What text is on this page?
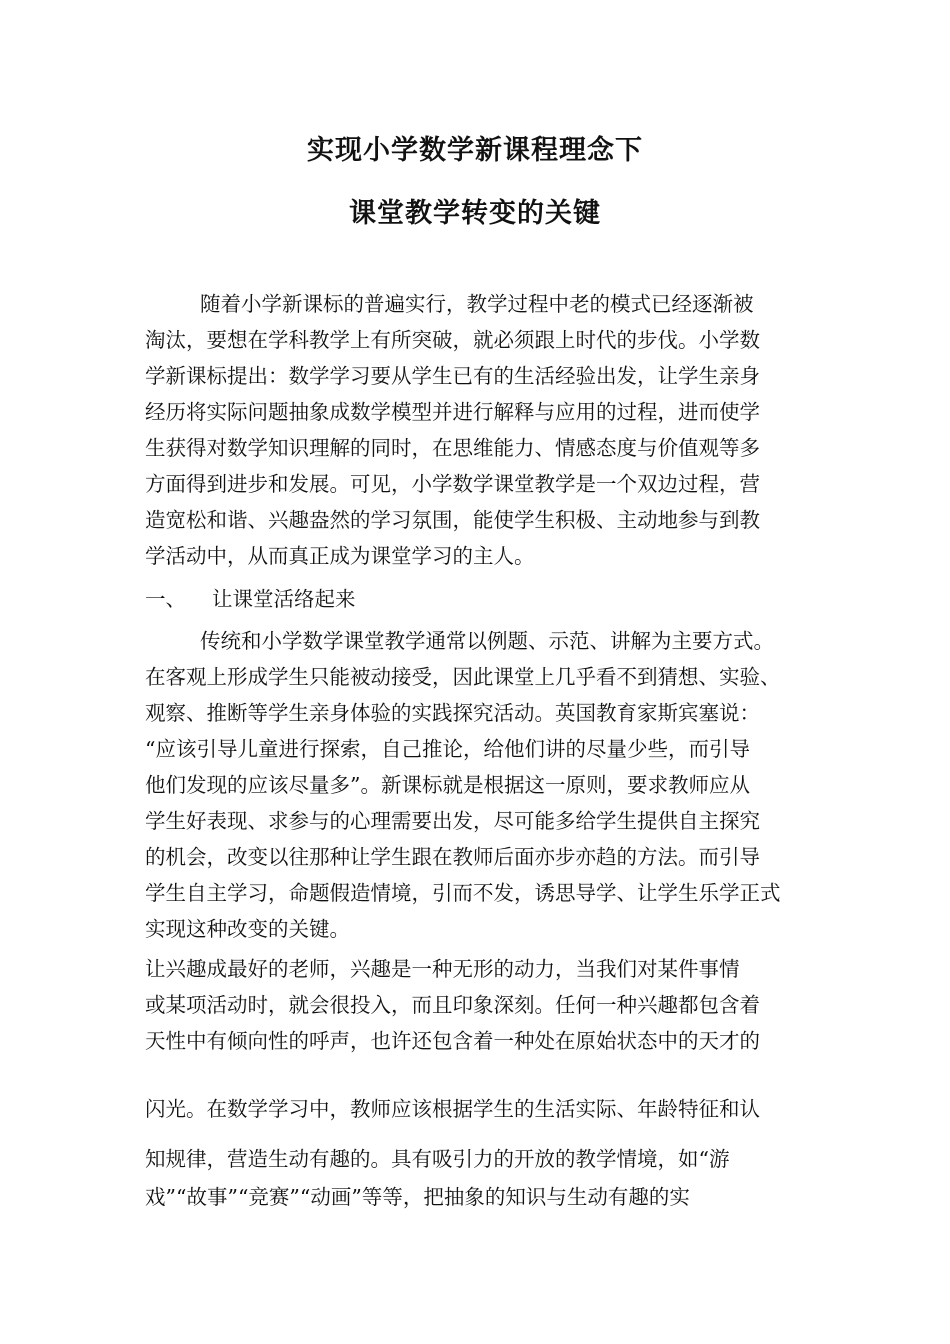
实现小学数学新课程理念下
课堂教学转变的关键
随着小学新课标的普遍实行，教学过程中老的模式已经逐渐被
淘汰，要想在学科教学上有所突破，就必须跟上时代的步伐。小学数
学新课标提出：数学学习要从学生已有的生活经验出发，让学生亲身
经历将实际问题抽象成数学模型并进行解释与应用的过程，进而使学
生获得对数学知识理解的同时，在思维能力、情感态度与价值观等多
方面得到进步和发展。可见，小学数学课堂教学是一个双边过程，营
造宽松和谐、兴趣盎然的学习氛围，能使学生积极、主动地参与到教
学活动中，从而真正成为课堂学习的主人。
一、 让课堂活络起来
传统和小学数学课堂教学通常以例题、示范、讲解为主要方式。
在客观上形成学生只能被动接受，因此课堂上几乎看不到猜想、实验、
观察、推断等学生亲身体验的实践探究活动。英国教育家斯宾塞说：
“应该引导儿童进行探索，自己推论，给他们讲的尽量少些，而引导
他们发现的应该尽量多”。新课标就是根据这一原则，要求教师应从
学生好表现、求参与的心理需要出发，尽可能多给学生提供自主探究
的机会，改变以往那种让学生跟在教师后面亦步亦趋的方法。而引导
学生自主学习，命题假造情境，引而不发，诱思导学、让学生乐学正式
实现这种改变的关键。
让兴趣成最好的老师，兴趣是一种无形的动力，当我们对某件事情
或某项活动时，就会很投入，而且印象深刻。任何一种兴趣都包含着
天性中有倾向性的呼声，也许还包含着一种处在原始状态中的天才的
闪光。在数学学习中，教师应该根据学生的生活实际、年龄特征和认
知规律，营造生动有趣的。具有吸引力的开放的教学情境，如“游
戏”“故事”“竞赛”“动画”等等，把抽象的知识与生动有趣的实
